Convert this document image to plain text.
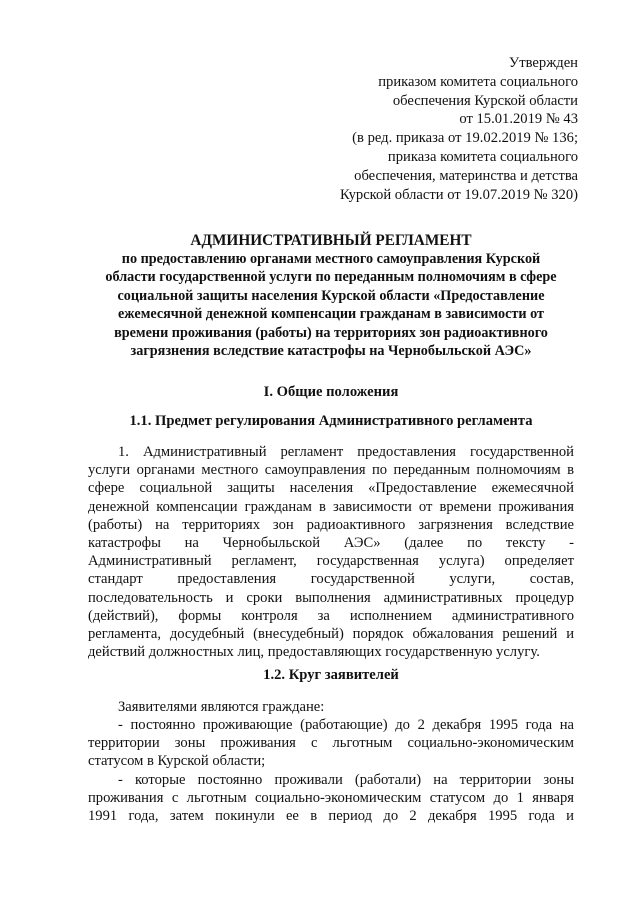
Утвержден
приказом комитета социального
обеспечения Курской области
от 15.01.2019 № 43
(в ред. приказа от 19.02.2019 № 136;
приказа комитета социального
обеспечения, материнства и детства
Курской области от 19.07.2019 № 320)
АДМИНИСТРАТИВНЫЙ РЕГЛАМЕНТ
по предоставлению органами местного самоуправления Курской
области государственной услуги по переданным полномочиям в сфере
социальной защиты населения Курской области «Предоставление
ежемесячной денежной компенсации гражданам в зависимости от
времени проживания (работы) на территориях зон радиоактивного
загрязнения вследствие катастрофы на Чернобыльской АЭС»
I. Общие положения
1.1. Предмет регулирования Административного регламента
1. Административный регламент предоставления государственной
услуги органами местного самоуправления по переданным полномочиям в
сфере социальной защиты населения «Предоставление ежемесячной
денежной компенсации гражданам в зависимости от времени проживания
(работы) на территориях зон радиоактивного загрязнения вследствие
катастрофы на Чернобыльской АЭС» (далее по тексту -
Административный регламент, государственная услуга) определяет
стандарт предоставления государственной услуги, состав,
последовательность и сроки выполнения административных процедур
(действий), формы контроля за исполнением административного
регламента, досудебный (внесудебный) порядок обжалования решений и
действий должностных лиц, предоставляющих государственную услугу.
1.2. Круг заявителей
Заявителями являются граждане:
- постоянно проживающие (работающие) до 2 декабря 1995 года на
территории зоны проживания с льготным социально-экономическим
статусом в Курской области;
- которые постоянно проживали (работали) на территории зоны
проживания с льготным социально-экономическим статусом до 1 января
1991 года, затем покинули ее в период до 2 декабря 1995 года и
